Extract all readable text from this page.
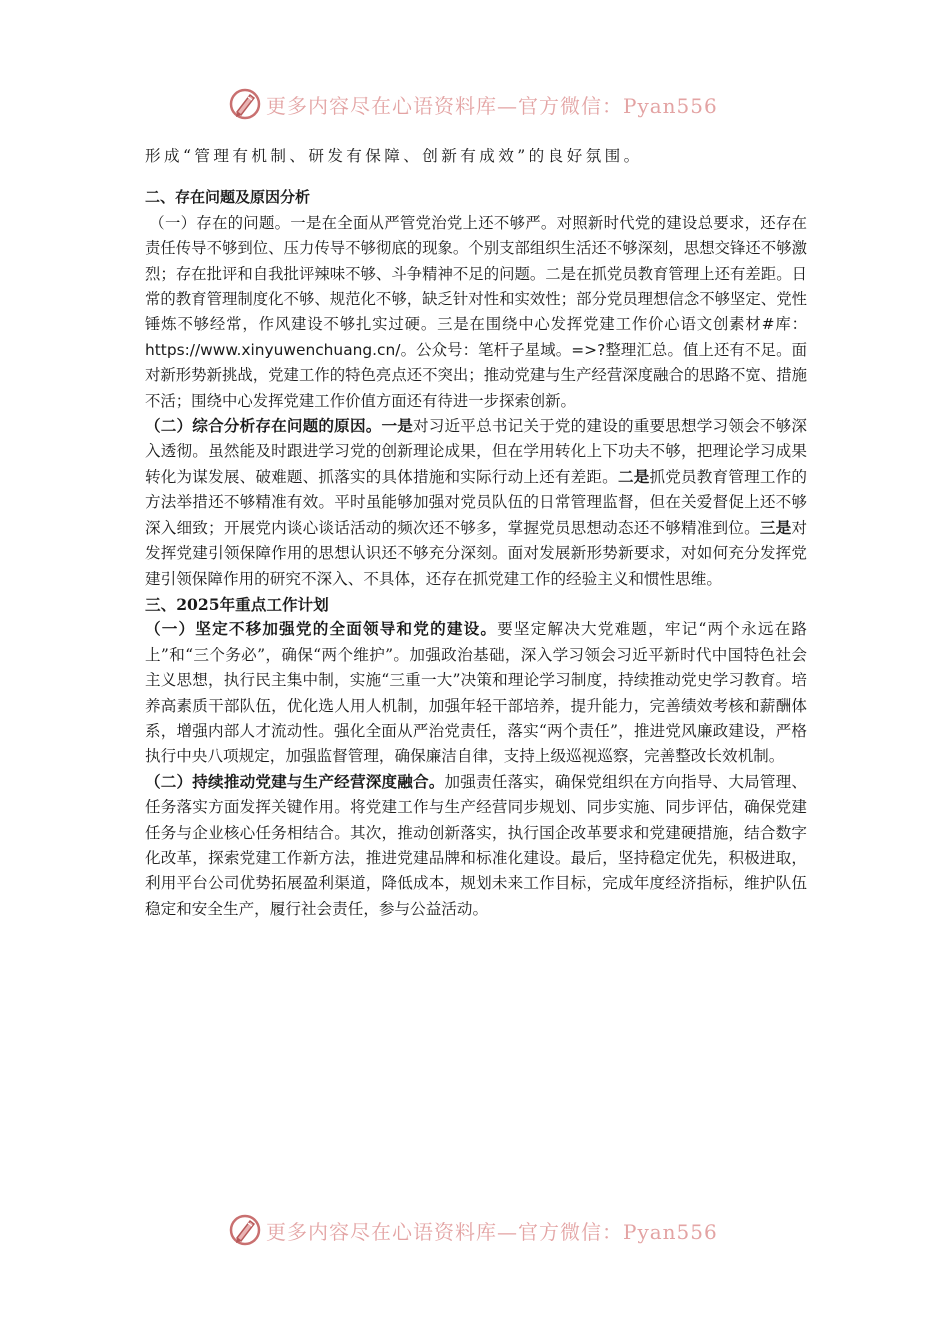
更多内容尽在心语资料库—官方微信：Pyan556

形成“管理有机制、研发有保障、创新有成效”的良好氛围。

二、存在问题及原因分析

（一）存在的问题。一是在全面从严管党治党上还不够严。对照新时代党的建设总要求，还存在责任传导不够到位、压力传导不够彻底的现象。个别支部组织生活还不够深刻，思想交锋还不够激烈；存在批评和自我批评辣味不够、斗争精神不足的问题。二是在抓党员教育管理上还有差距。日常的教育管理制度化不够、规范化不够，缺乏针对性和实效性；部分党员理想信念不够坚定、党性锤炼不够经常，作风建设不够扎实过硬。三是在围绕中心发挥党建工作价心语文创素材#库：https://www.xinyuwenchuang.cn/。公众号：笔杆子星域。=>?整理汇总。值上还有不足。面对新形势新挑战，党建工作的特色亮点还不突出；推动党建与生产经营深度融合的思路不宽、措施不活；围绕中心发挥党建工作价值方面还有待进一步探索创新。

（二）综合分析存在问题的原因。一是对习近平总书记关于党的建设的重要思想学习领会不够深入透彻。虽然能及时跟进学习党的创新理论成果，但在学用转化上下功夫不够，把理论学习成果转化为谋发展、破难题、抓落实的具体措施和实际行动上还有差距。二是抓党员教育管理工作的方法举措还不够精准有效。平时虽能够加强对党员队伍的日常管理监督，但在关爱督促上还不够深入细致；开展党内谈心谈话活动的频次还不够多，掌握党员思想动态还不够精准到位。三是对发挥党建引领保障作用的思想认识还不够充分深刻。面对发展新形势新要求，对如何充分发挥党建引领保障作用的研究不深入、不具体，还存在抓党建工作的经验主义和惯性思维。

三、2025年重点工作计划

（一）坚定不移加强党的全面领导和党的建设。要坚定解决大党难题，牢记“两个永远在路上”和“三个务必”，确保“两个维护”。加强政治基础，深入学习领会习近平新时代中国特色社会主义思想，执行民主集中制，实施“三重一大”决策和理论学习制度，持续推动党史学习教育。培养高素质干部队伍，优化选人用人机制，加强年轻干部培养，提升能力，完善绩效考核和薪酬体系，增强内部人才流动性。强化全面从严治党责任，落实“两个责任”，推进党风廉政建设，严格执行中央八项规定，加强监督管理，确保廉洁自律，支持上级巡视巡察，完善整改长效机制。

（二）持续推动党建与生产经营深度融合。加强责任落实，确保党组织在方向指导、大局管理、任务落实方面发挥关键作用。将党建工作与生产经营同步规划、同步实施、同步评估，确保党建任务与企业核心任务相结合。其次，推动创新落实，执行国企改革要求和党建硬措施，结合数字化改革，探索党建工作新方法，推进党建品牌和标准化建设。最后，坚持稳定优先，积极进取，利用平台公司优势拓展盈利渠道，降低成本，规划未来工作目标，完成年度经济指标，维护队伍稳定和安全生产，履行社会责任，参与公益活动。

更多内容尽在心语资料库—官方微信：Pyan556
